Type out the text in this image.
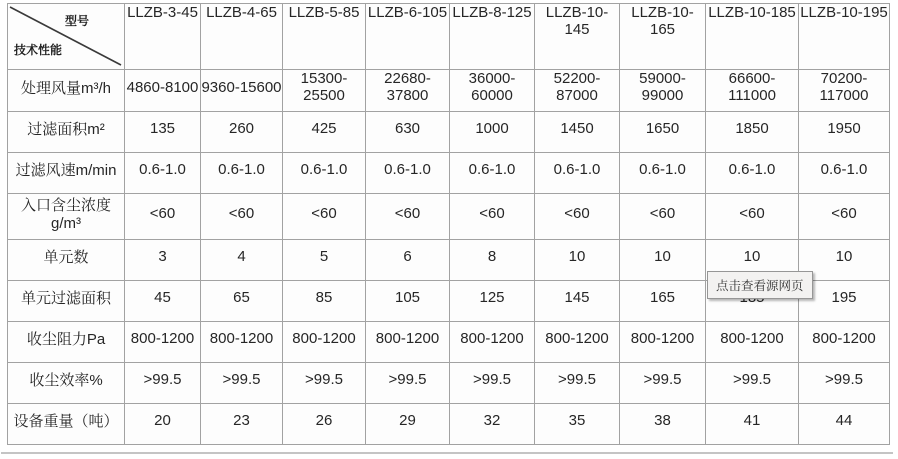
型号
技术性能	LLZB-3-45	LLZB-4-65	LLZB-5-85	LLZB-6-105	LLZB-8-125	LLZB-10-145	LLZB-10-165	LLZB-10-185	LLZB-10-195
处理风量m³/h	4860-8100	9360-15600	15300-25500	22680-37800	36000-60000	52200-87000	59000-99000	66600-111000	70200-117000
过滤面积m²	135	260	425	630	1000	1450	1650	1850	1950
过滤风速m/min	0.6-1.0	0.6-1.0	0.6-1.0	0.6-1.0	0.6-1.0	0.6-1.0	0.6-1.0	0.6-1.0	0.6-1.0
入口含尘浓度g/m³	<60	<60	<60	<60	<60	<60	<60	<60	<60
单元数	3	4	5	6	8	10	10	10	10
单元过滤面积	45	65	85	105	125	145	165		195
收尘阻力Pa	800-1200	800-1200	800-1200	800-1200	800-1200	800-1200	800-1200	800-1200	800-1200
收尘效率%	>99.5	>99.5	>99.5	>99.5	>99.5	>99.5	>99.5	>99.5	>99.5
设备重量（吨）	20	23	26	29	32	35	38	41	44
点击查看源网页
